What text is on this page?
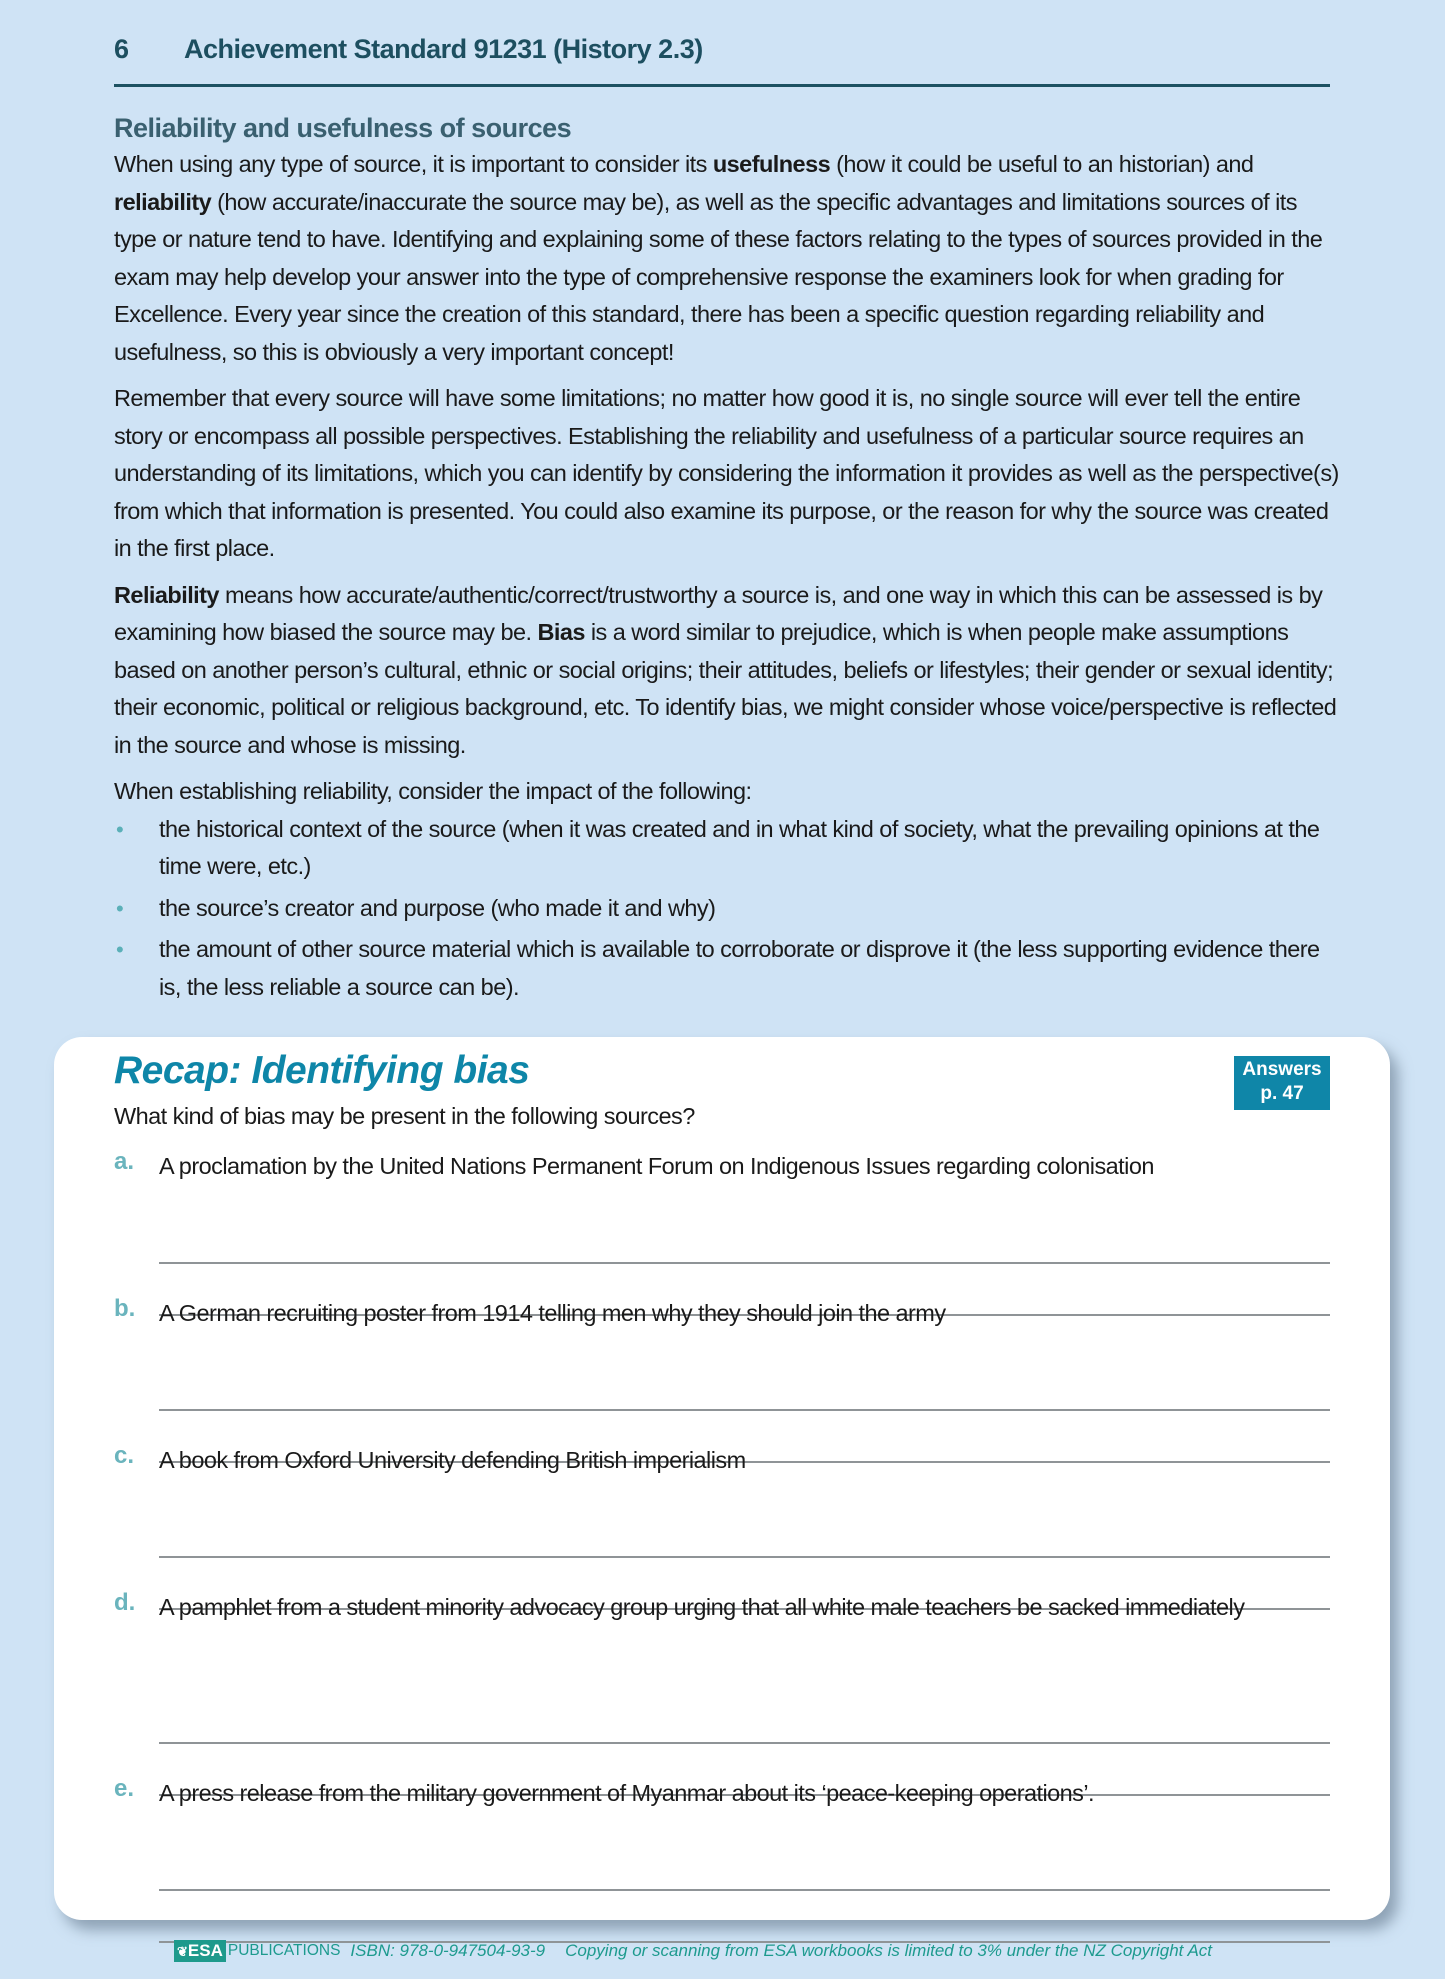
6 Achievement Standard 91231 (History 2.3)
Reliability and usefulness of sources

When using any type of source, it is important to consider its usefulness (how it could be useful to an historian) and reliability (how accurate/inaccurate the source may be), as well as the specific advantages and limitations sources of its type or nature tend to have. Identifying and explaining some of these factors relating to the types of sources provided in the exam may help develop your answer into the type of comprehensive response the examiners look for when grading for Excellence. Every year since the creation of this standard, there has been a specific question regarding reliability and usefulness, so this is obviously a very important concept!

Remember that every source will have some limitations; no matter how good it is, no single source will ever tell the entire story or encompass all possible perspectives. Establishing the reliability and usefulness of a particular source requires an understanding of its limitations, which you can identify by considering the information it provides as well as the perspective(s) from which that information is presented. You could also examine its purpose, or the reason for why the source was created in the first place.

Reliability means how accurate/authentic/correct/trustworthy a source is, and one way in which this can be assessed is by examining how biased the source may be. Bias is a word similar to prejudice, which is when people make assumptions based on another person’s cultural, ethnic or social origins; their attitudes, beliefs or lifestyles; their gender or sexual identity; their economic, political or religious background, etc. To identify bias, we might consider whose voice/perspective is reflected in the source and whose is missing.

When establishing reliability, consider the impact of the following:

• the historical context of the source (when it was created and in what kind of society, what the prevailing opinions at the time were, etc.)
• the source’s creator and purpose (who made it and why)
• the amount of other source material which is available to corroborate or disprove it (the less supporting evidence there is, the less reliable a source can be).
Recap: Identifying bias	Answers
p. 47
What kind of bias may be present in the following sources?
a. A proclamation by the United Nations Permanent Forum on Indigenous Issues regarding colonisation
b. A German recruiting poster from 1914 telling men why they should join the army
c. A book from Oxford University defending British imperialism
d. A pamphlet from a student minority advocacy group urging that all white male teachers be sacked immediately
e. A press release from the military government of Myanmar about its ‘peace-keeping operations’.
❦ESA PUBLICATIONS ISBN: 978-0-947504-93-9 Copying or scanning from ESA workbooks is limited to 3% under the NZ Copyright Act
